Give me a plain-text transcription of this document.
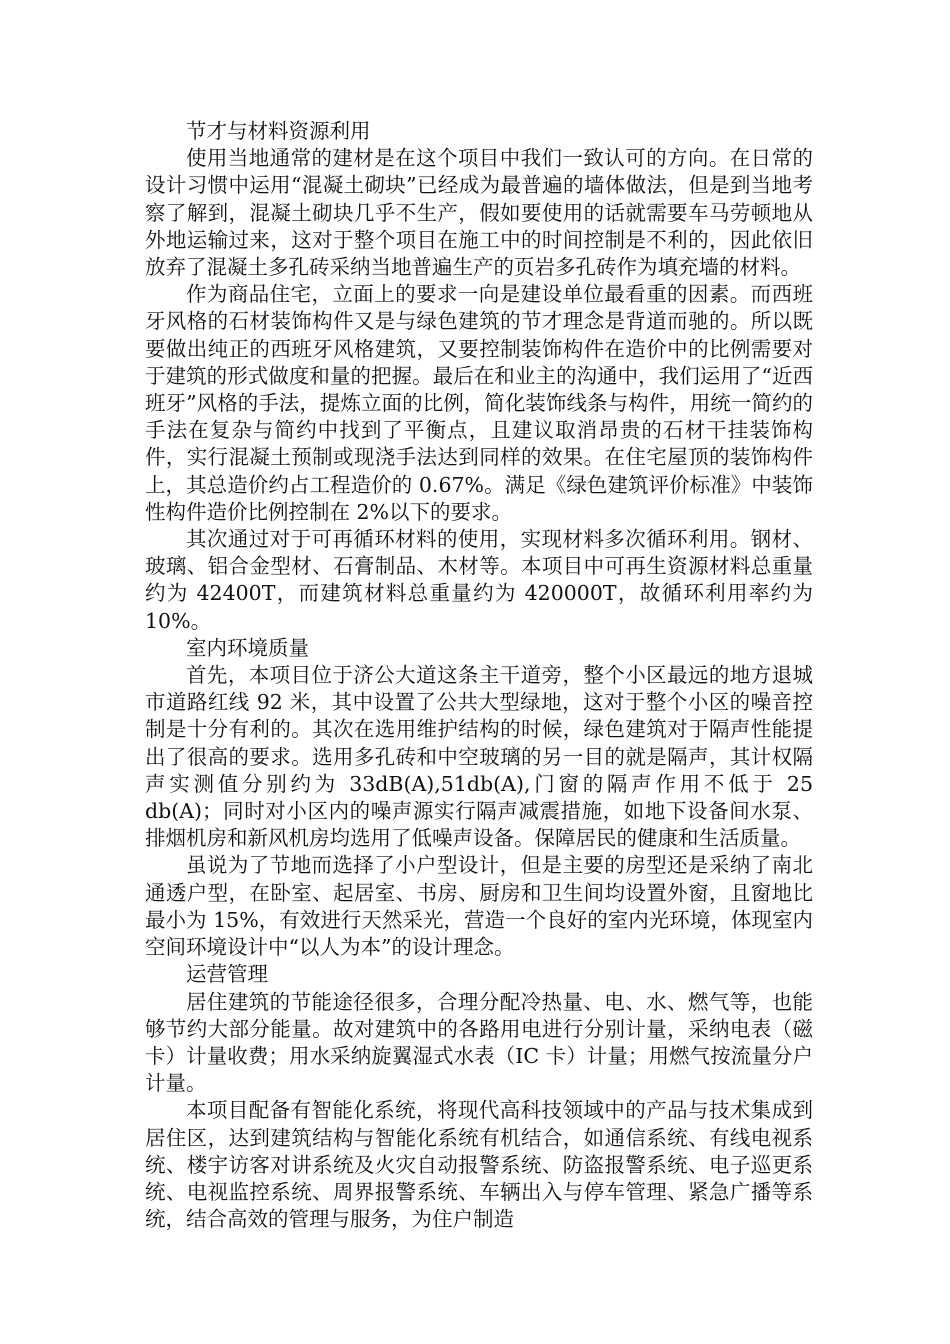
节才与材料资源利用

使用当地通常的建材是在这个项目中我们一致认可的方向。在日常的设计习惯中运用“混凝土砌块”已经成为最普遍的墙体做法，但是到当地考察了解到，混凝土砌块几乎不生产，假如要使用的话就需要车马劳顿地从外地运输过来，这对于整个项目在施工中的时间控制是不利的，因此依旧放弃了混凝土多孔砖采纳当地普遍生产的页岩多孔砖作为填充墙的材料。

作为商品住宅，立面上的要求一向是建设单位最看重的因素。而西班牙风格的石材装饰构件又是与绿色建筑的节才理念是背道而驰的。所以既要做出纯正的西班牙风格建筑，又要控制装饰构件在造价中的比例需要对于建筑的形式做度和量的把握。最后在和业主的沟通中，我们运用了“近西班牙”风格的手法，提炼立面的比例，简化装饰线条与构件，用统一简约的手法在复杂与简约中找到了平衡点，且建议取消昂贵的石材干挂装饰构件，实行混凝土预制或现浇手法达到同样的效果。在住宅屋顶的装饰构件上，其总造价约占工程造价的 0.67%。满足《绿色建筑评价标准》中装饰性构件造价比例控制在 2%以下的要求。

其次通过对于可再循环材料的使用，实现材料多次循环利用。钢材、玻璃、铝合金型材、石膏制品、木材等。本项目中可再生资源材料总重量约为 42400T，而建筑材料总重量约为 420000T，故循环利用率约为 10%。

室内环境质量

首先，本项目位于济公大道这条主干道旁，整个小区最远的地方退城市道路红线 92 米，其中设置了公共大型绿地，这对于整个小区的噪音控制是十分有利的。其次在选用维护结构的时候，绿色建筑对于隔声性能提出了很高的要求。选用多孔砖和中空玻璃的另一目的就是隔声，其计权隔声实测值分别约为 33dB(A),51db(A),门窗的隔声作用不低于 25 db(A)；同时对小区内的噪声源实行隔声减震措施，如地下设备间水泵、排烟机房和新风机房均选用了低噪声设备。保障居民的健康和生活质量。

虽说为了节地而选择了小户型设计，但是主要的房型还是采纳了南北通透户型，在卧室、起居室、书房、厨房和卫生间均设置外窗，且窗地比最小为 15%，有效进行天然采光，营造一个良好的室内光环境，体现室内空间环境设计中“以人为本”的设计理念。

运营管理

居住建筑的节能途径很多，合理分配冷热量、电、水、燃气等，也能够节约大部分能量。故对建筑中的各路用电进行分别计量，采纳电表（磁卡）计量收费；用水采纳旋翼湿式水表（IC 卡）计量；用燃气按流量分户计量。

本项目配备有智能化系统，将现代高科技领域中的产品与技术集成到居住区，达到建筑结构与智能化系统有机结合，如通信系统、有线电视系统、楼宇访客对讲系统及火灾自动报警系统、防盗报警系统、电子巡更系统、电视监控系统、周界报警系统、车辆出入与停车管理、紧急广播等系统，结合高效的管理与服务，为住户制造
